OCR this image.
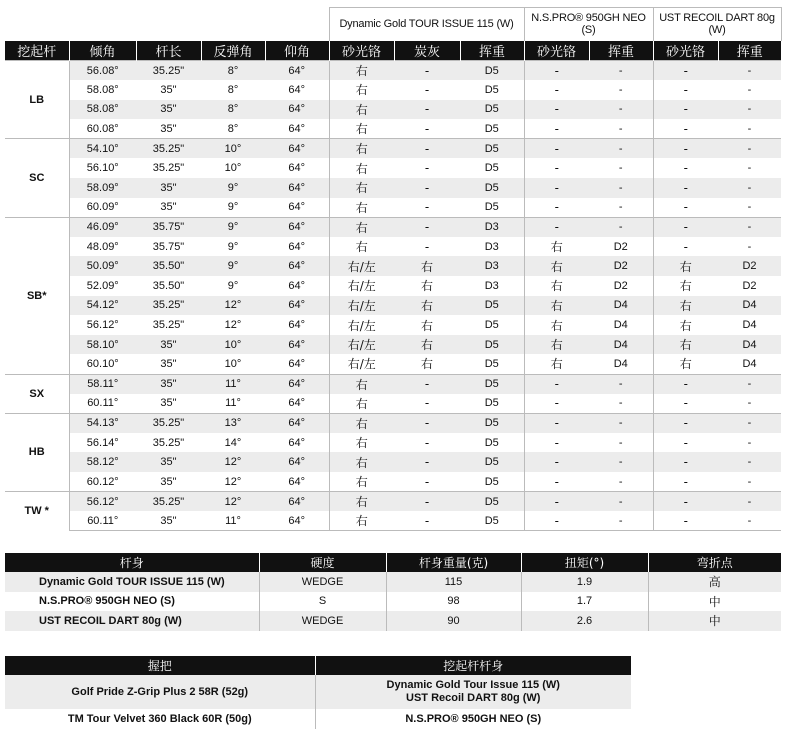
					Dynamic Gold TOUR ISSUE 115 (W)			N.S.PRO® 950GH NEO (S)		UST RECOIL DART 80g (W)	
挖起杆	倾角	杆长	反弹角	仰角	砂光铬	炭灰	挥重	砂光铬	挥重	砂光铬	挥重
LB	56.08°	35.25"	8°	64°	右	-	D5	-	-	-	-
	58.08°	35"	8°	64°	右	-	D5	-	-	-	-
	58.08°	35"	8°	64°	右	-	D5	-	-	-	-
	60.08°	35"	8°	64°	右	-	D5	-	-	-	-
SC	54.10°	35.25"	10°	64°	右	-	D5	-	-	-	-
	56.10°	35.25"	10°	64°	右	-	D5	-	-	-	-
	58.09°	35"	9°	64°	右	-	D5	-	-	-	-
	60.09°	35"	9°	64°	右	-	D5	-	-	-	-
SB*	46.09°	35.75"	9°	64°	右	-	D3	-	-	-	-
	48.09°	35.75"	9°	64°	右	-	D3	右	D2	-	-
	50.09°	35.50"	9°	64°	右/左	右	D3	右	D2	右	D2
	52.09°	35.50"	9°	64°	右/左	右	D3	右	D2	右	D2
	54.12°	35.25"	12°	64°	右/左	右	D5	右	D4	右	D4
	56.12°	35.25"	12°	64°	右/左	右	D5	右	D4	右	D4
	58.10°	35"	10°	64°	右/左	右	D5	右	D4	右	D4
	60.10°	35"	10°	64°	右/左	右	D5	右	D4	右	D4
SX	58.11°	35"	11°	64°	右	-	D5	-	-	-	-
	60.11°	35"	11°	64°	右	-	D5	-	-	-	-
HB	54.13°	35.25"	13°	64°	右	-	D5	-	-	-	-
	56.14°	35.25"	14°	64°	右	-	D5	-	-	-	-
	58.12°	35"	12°	64°	右	-	D5	-	-	-	-
	60.12°	35"	12°	64°	右	-	D5	-	-	-	-
TW *	56.12°	35.25"	12°	64°	右	-	D5	-	-	-	-
	60.11°	35"	11°	64°	右	-	D5	-	-	-	-
杆身	硬度	杆身重量(克)	扭矩(°)	弯折点
Dynamic Gold TOUR ISSUE 115 (W)	WEDGE	115	1.9	高
N.S.PRO® 950GH NEO (S)	S	98	1.7	中
UST RECOIL DART 80g (W)	WEDGE	90	2.6	中
握把	挖起杆杆身
Golf Pride Z-Grip Plus 2 58R (52g)	Dynamic Gold Tour Issue 115 (W)
UST Recoil DART 80g (W)

TM Tour Velvet 360 Black 60R (50g)	N.S.PRO® 950GH NEO (S)
